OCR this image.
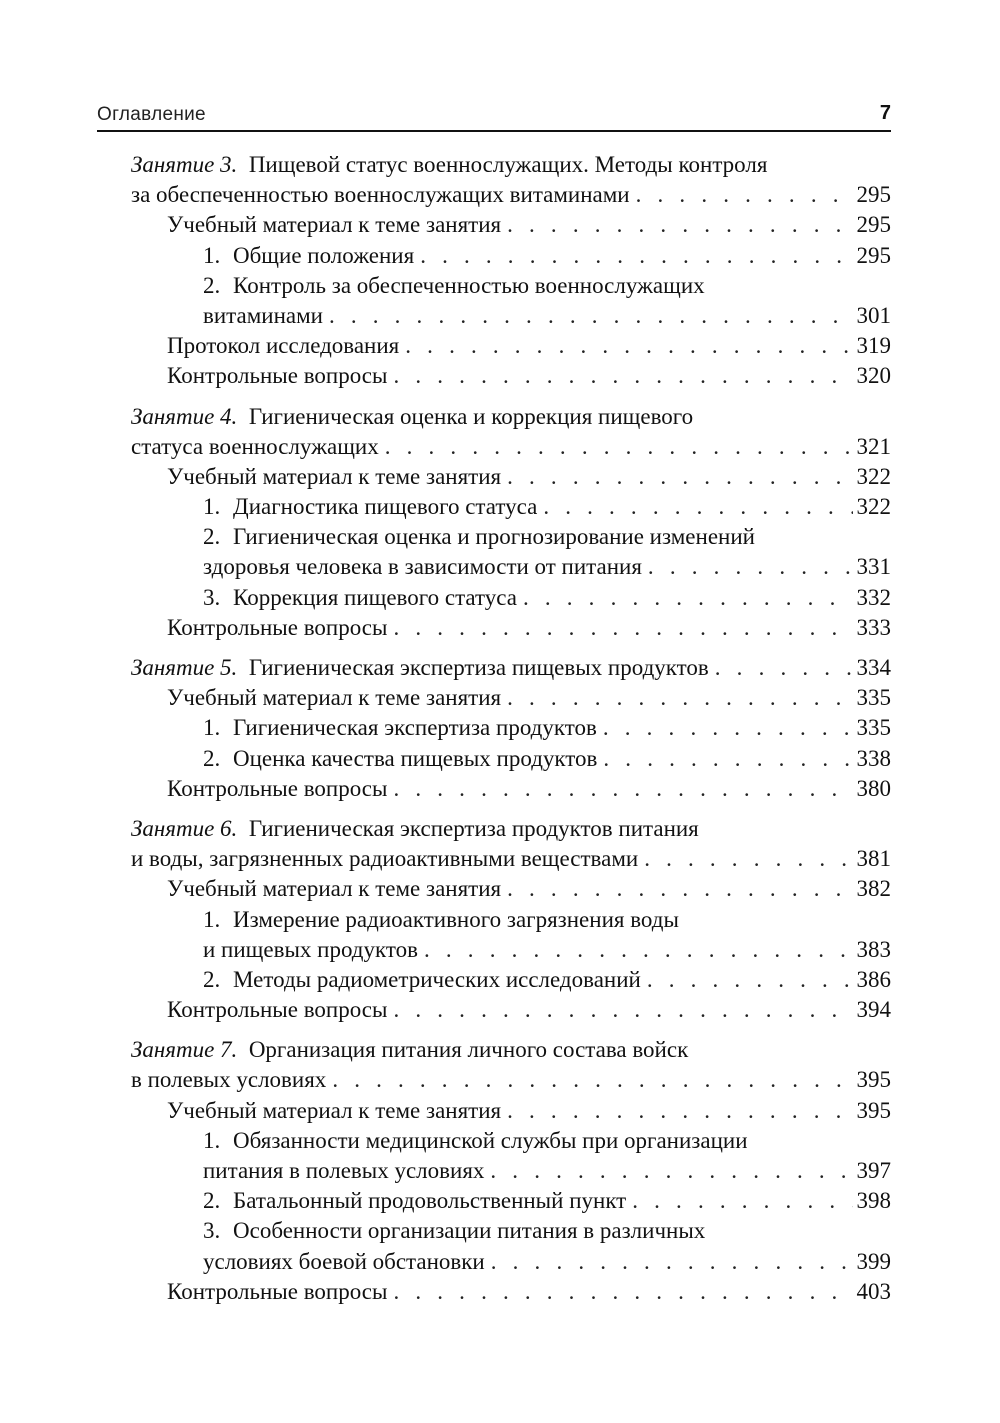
Оглавление	7
Занятие 3. Пищевой статус военнослужащих. Методы контроля
за обеспеченностью военнослужащих витаминами . . .	295
Учебный материал к теме занятия . . .	295
1. Общие положения . . .	295
2. Контроль за обеспеченностью военнослужащих
витаминами . . .	301
Протокол исследования . . .	319
Контрольные вопросы . . .	320
Занятие 4. Гигиеническая оценка и коррекция пищевого
статуса военнослужащих . . .	321
Учебный материал к теме занятия . . .	322
1. Диагностика пищевого статуса . . .	322
2. Гигиеническая оценка и прогнозирование изменений
здоровья человека в зависимости от питания . . .	331
3. Коррекция пищевого статуса . . .	332
Контрольные вопросы . . .	333
Занятие 5. Гигиеническая экспертиза пищевых продуктов . . .	334
Учебный материал к теме занятия . . .	335
1. Гигиеническая экспертиза продуктов . . .	335
2. Оценка качества пищевых продуктов . . .	338
Контрольные вопросы . . .	380
Занятие 6. Гигиеническая экспертиза продуктов питания
и воды, загрязненных радиоактивными веществами . . .	381
Учебный материал к теме занятия . . .	382
1. Измерение радиоактивного загрязнения воды
и пищевых продуктов . . .	383
2. Методы радиометрических исследований . . .	386
Контрольные вопросы . . .	394
Занятие 7. Организация питания личного состава войск
в полевых условиях . . .	395
Учебный материал к теме занятия . . .	395
1. Обязанности медицинской службы при организации
питания в полевых условиях . . .	397
2. Батальонный продовольственный пункт . . .	398
3. Особенности организации питания в различных
условиях боевой обстановки . . .	399
Контрольные вопросы . . .	403
